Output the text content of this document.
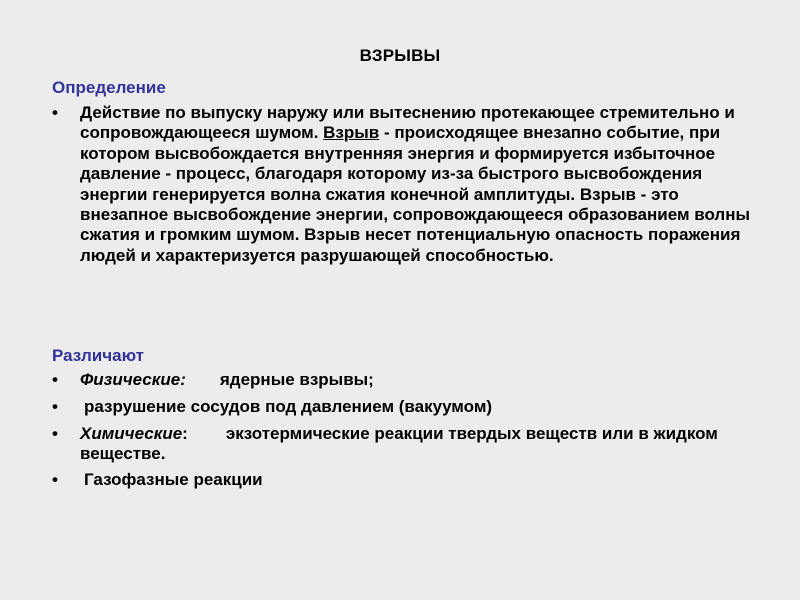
ВЗРЫВЫ
Определение
•	Действие по выпуску наружу или вытеснению протекающее стремительно и сопровождающееся шумом. Взрыв - происходящее внезапно событие, при котором высвобождается внутренняя энергия и формируется избыточное давление - процесс, благодаря которому из-за быстрого высвобождения энергии генерируется волна сжатия конечной амплитуды. Взрыв - это внезапное высвобождение энергии, сопровождающееся образованием волны сжатия и громким шумом. Взрыв несет потенциальную опасность поражения людей и характеризуется разрушающей способностью.
Различают
•	Физические: ядерные взрывы;
•	разрушение сосудов под давлением (вакуумом)
•	Химические: экзотермические реакции твердых веществ или в жидком веществе.
•	Газофазные реакции
